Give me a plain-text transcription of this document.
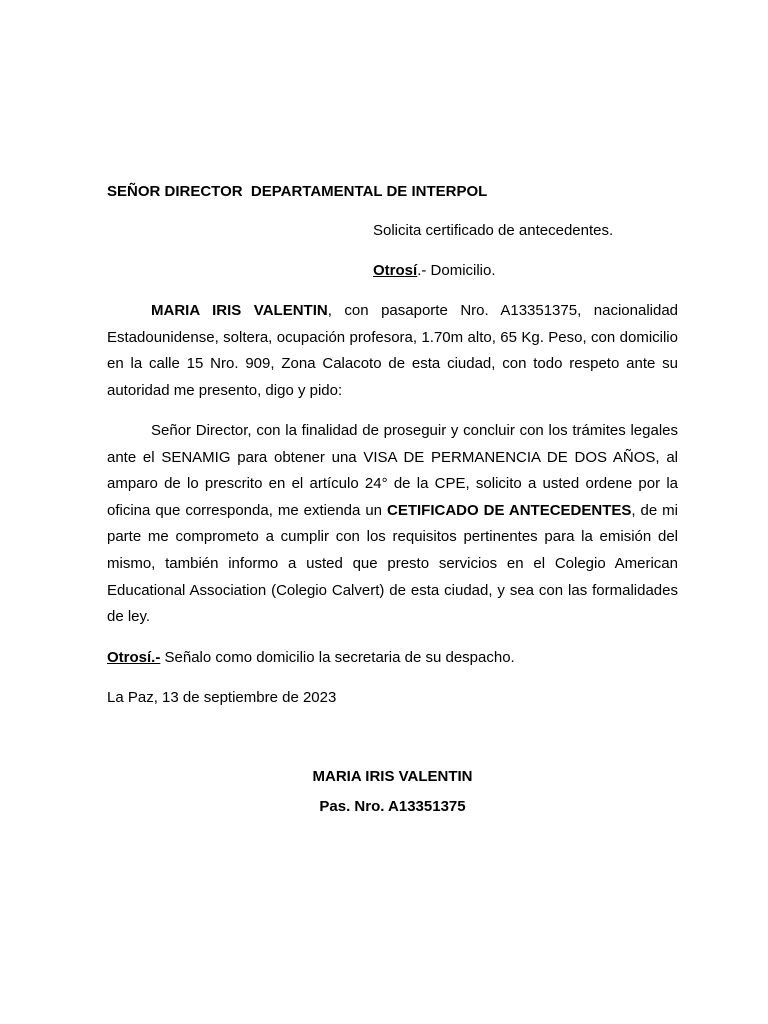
SEÑOR DIRECTOR  DEPARTAMENTAL DE INTERPOL
Solicita certificado de antecedentes.
Otrosí.- Domicilio.
MARIA IRIS VALENTIN, con pasaporte Nro. A13351375, nacionalidad Estadounidense, soltera, ocupación profesora, 1.70m alto, 65 Kg. Peso, con domicilio en la calle 15 Nro. 909, Zona Calacoto de esta ciudad, con todo respeto ante su autoridad me presento, digo y pido:
Señor Director, con la finalidad de proseguir y concluir con los trámites legales ante el SENAMIG para obtener una VISA DE PERMANENCIA DE DOS AÑOS, al amparo de lo prescrito en el artículo 24° de la CPE, solicito a usted ordene por la oficina que corresponda, me extienda un CETIFICADO DE ANTECEDENTES, de mi parte me comprometo a cumplir con los requisitos pertinentes para la emisión del mismo, también informo a usted que presto servicios en el Colegio American Educational Association (Colegio Calvert) de esta ciudad, y sea con las formalidades de ley.
Otrosí.- Señalo como domicilio la secretaria de su despacho.
La Paz, 13 de septiembre de 2023
MARIA IRIS VALENTIN
Pas. Nro. A13351375
